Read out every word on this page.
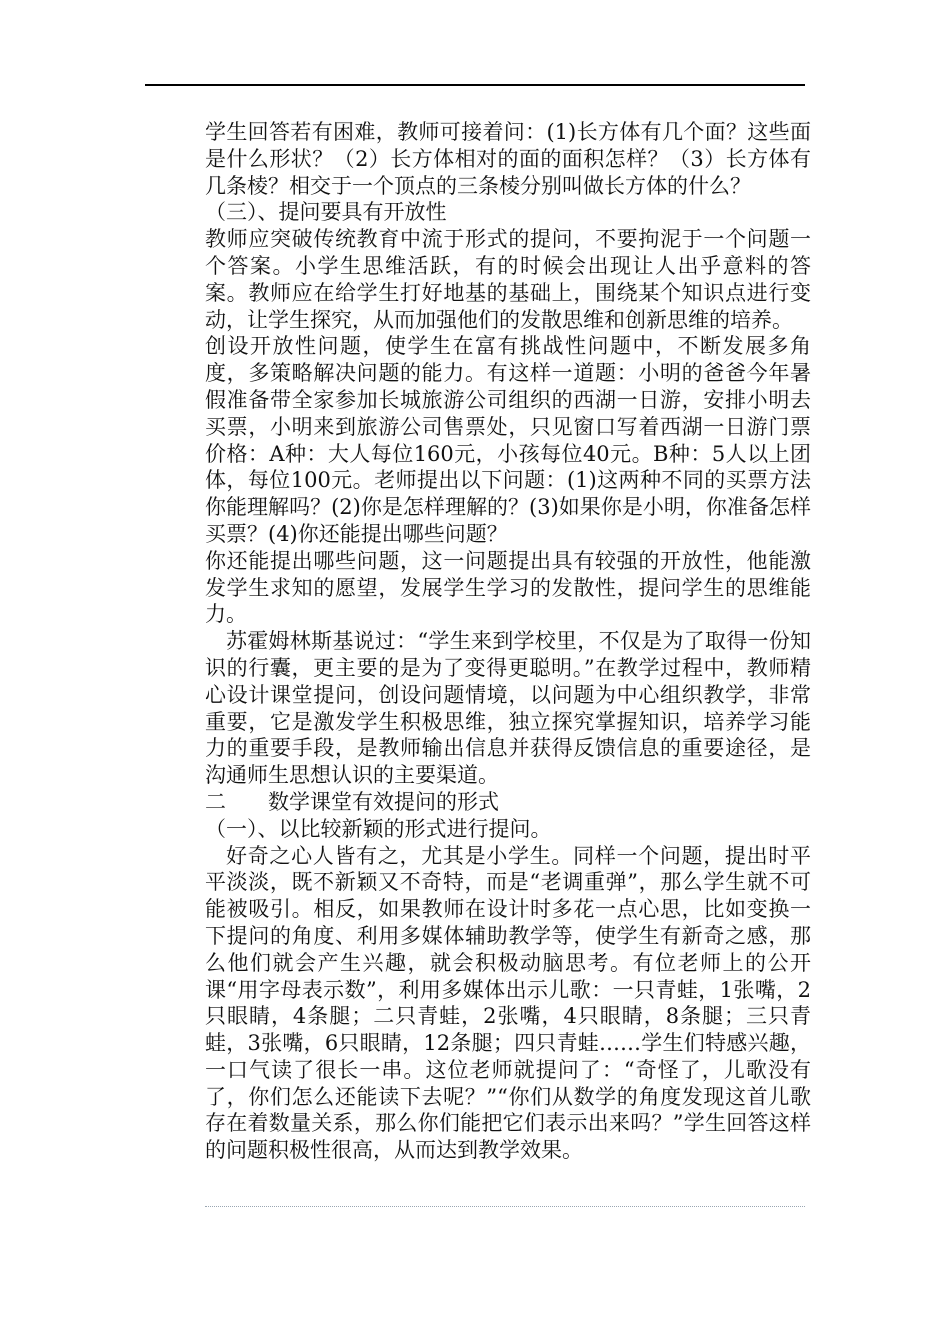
学生回答若有困难，教师可接着问：(1)长方体有几个面？这些面是什么形状？（2）长方体相对的面的面积怎样？（3）长方体有几条棱？相交于一个顶点的三条棱分别叫做长方体的什么？

（三）、提问要具有开放性

教师应突破传统教育中流于形式的提问，不要拘泥于一个问题一个答案。小学生思维活跃，有的时候会出现让人出乎意料的答案。教师应在给学生打好地基的基础上，围绕某个知识点进行变动，让学生探究，从而加强他们的发散思维和创新思维的培养。

创设开放性问题，使学生在富有挑战性问题中，不断发展多角度，多策略解决问题的能力。有这样一道题：小明的爸爸今年暑假准备带全家参加长城旅游公司组织的西湖一日游，安排小明去买票，小明来到旅游公司售票处，只见窗口写着西湖一日游门票价格：A种：大人每位160元，小孩每位40元。B种：5人以上团体，每位100元。老师提出以下问题：(1)这两种不同的买票方法你能理解吗？(2)你是怎样理解的？(3)如果你是小明，你准备怎样买票？(4)你还能提出哪些问题？

你还能提出哪些问题，这一问题提出具有较强的开放性，他能激发学生求知的愿望，发展学生学习的发散性，提问学生的思维能力。

苏霍姆林斯基说过：“学生来到学校里，不仅是为了取得一份知识的行囊，更主要的是为了变得更聪明。”在教学过程中，教师精心设计课堂提问，创设问题情境，以问题为中心组织教学，非常重要，它是激发学生积极思维，独立探究掌握知识，培养学习能力的重要手段，是教师输出信息并获得反馈信息的重要途径，是沟通师生思想认识的主要渠道。

二　　数学课堂有效提问的形式

（一）、以比较新颖的形式进行提问。

好奇之心人皆有之，尤其是小学生。同样一个问题，提出时平平淡淡，既不新颖又不奇特，而是“老调重弹”，那么学生就不可能被吸引。相反，如果教师在设计时多花一点心思，比如变换一下提问的角度、利用多媒体辅助教学等，使学生有新奇之感，那么他们就会产生兴趣，就会积极动脑思考。有位老师上的公开课“用字母表示数”，利用多媒体出示儿歌：一只青蛙，1张嘴，2只眼睛，4条腿；二只青蛙，2张嘴，4只眼睛，8条腿；三只青蛙，3张嘴，6只眼睛，12条腿；四只青蛙……学生们特感兴趣，一口气读了很长一串。这位老师就提问了：“奇怪了，儿歌没有了，你们怎么还能读下去呢？”“你们从数学的角度发现这首儿歌存在着数量关系，那么你们能把它们表示出来吗？”学生回答这样的问题积极性很高，从而达到教学效果。
